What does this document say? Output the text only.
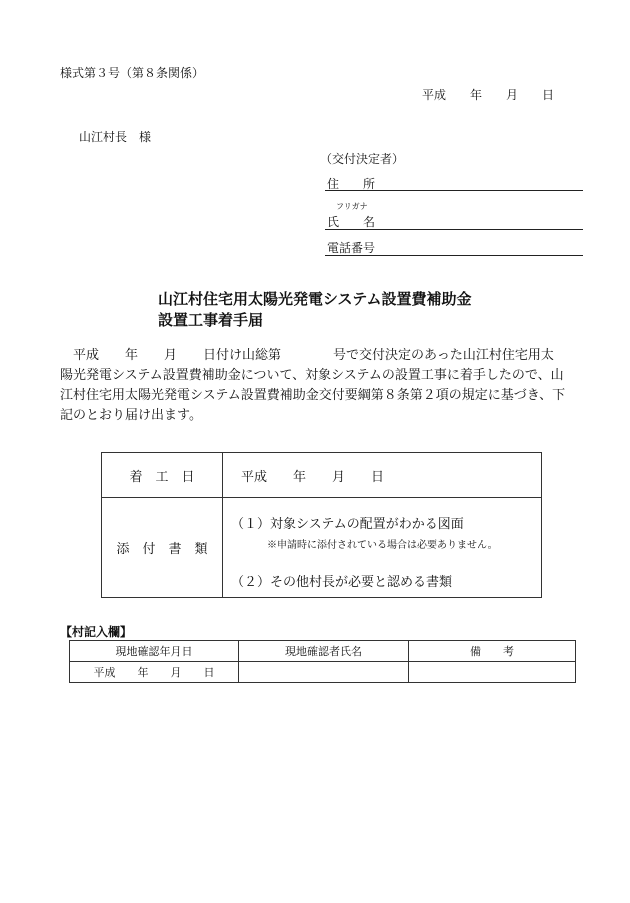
様式第３号（第８条関係）
平成　　年　　月　　日
山江村長　様
（交付決定者）
住　　所
フリガナ
氏　　名
電話番号
山江村住宅用太陽光発電システム設置費補助金
設置工事着手届
　平成　　年　　月　　日付け山総第　　　　号で交付決定のあった山江村住宅用太
陽光発電システム設置費補助金について、対象システムの設置工事に着手したので、山
江村住宅用太陽光発電システム設置費補助金交付要綱第８条第２項の規定に基づき、下
記のとおり届け出ます。
着　工　日	平成　　年　　月　　日
添　付　書　類	（１）対象システムの配置がわかる図面
※申請時に添付されている場合は必要ありません。
（２）その他村長が必要と認める書類
【村記入欄】
現地確認年月日	現地確認者氏名	備　　考
平成　　年　　月　　日		
